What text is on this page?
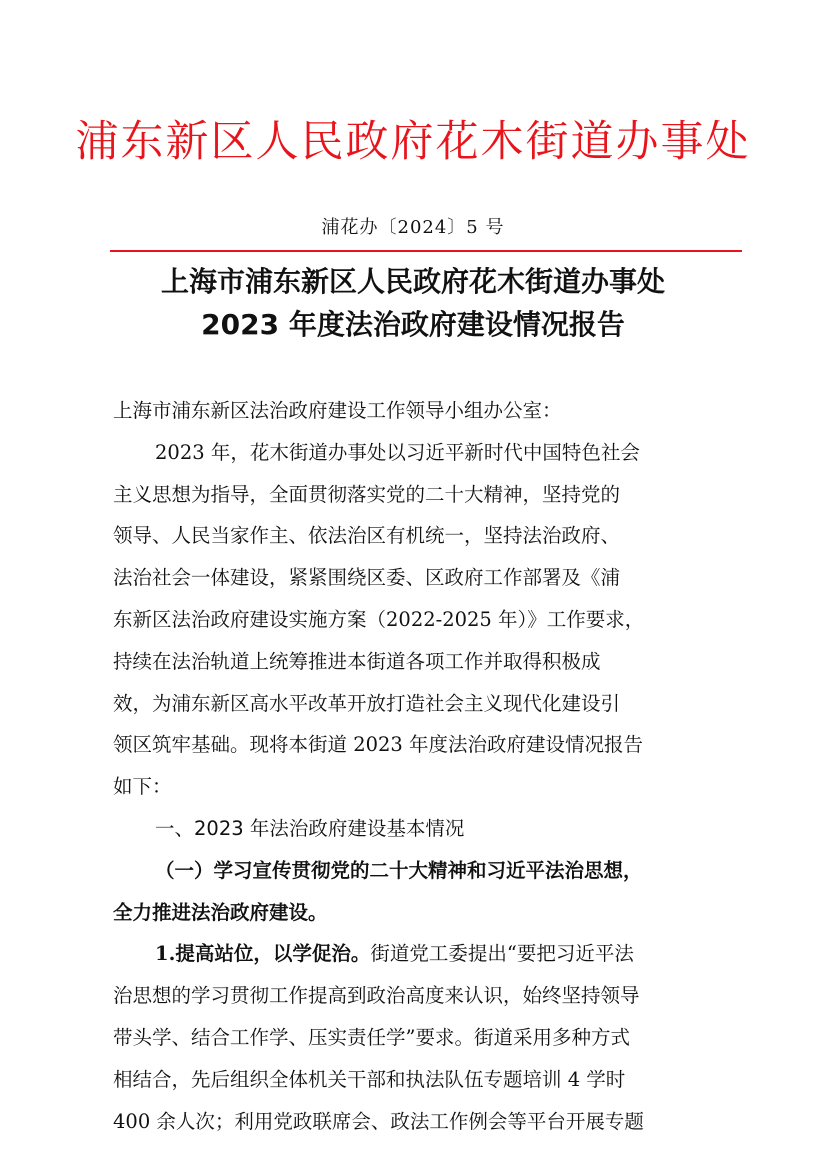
浦东新区人民政府花木街道办事处
浦花办〔2024〕5 号
上海市浦东新区人民政府花木街道办事处
2023 年度法治政府建设情况报告
上海市浦东新区法治政府建设工作领导小组办公室：
2023 年，花木街道办事处以习近平新时代中国特色社会
主义思想为指导，全面贯彻落实党的二十大精神，坚持党的
领导、人民当家作主、依法治区有机统一，坚持法治政府、
法治社会一体建设，紧紧围绕区委、区政府工作部署及《浦
东新区法治政府建设实施方案（2022-2025 年）》工作要求，
持续在法治轨道上统筹推进本街道各项工作并取得积极成
效，为浦东新区高水平改革开放打造社会主义现代化建设引
领区筑牢基础。现将本街道 2023 年度法治政府建设情况报告
如下：
一、2023 年法治政府建设基本情况
（一）学习宣传贯彻党的二十大精神和习近平法治思想，
全力推进法治政府建设。
1.提高站位，以学促治。街道党工委提出“要把习近平法
治思想的学习贯彻工作提高到政治高度来认识，始终坚持领导
带头学、结合工作学、压实责任学”要求。街道采用多种方式
相结合，先后组织全体机关干部和执法队伍专题培训 4 学时
400 余人次；利用党政联席会、政法工作例会等平台开展专题
